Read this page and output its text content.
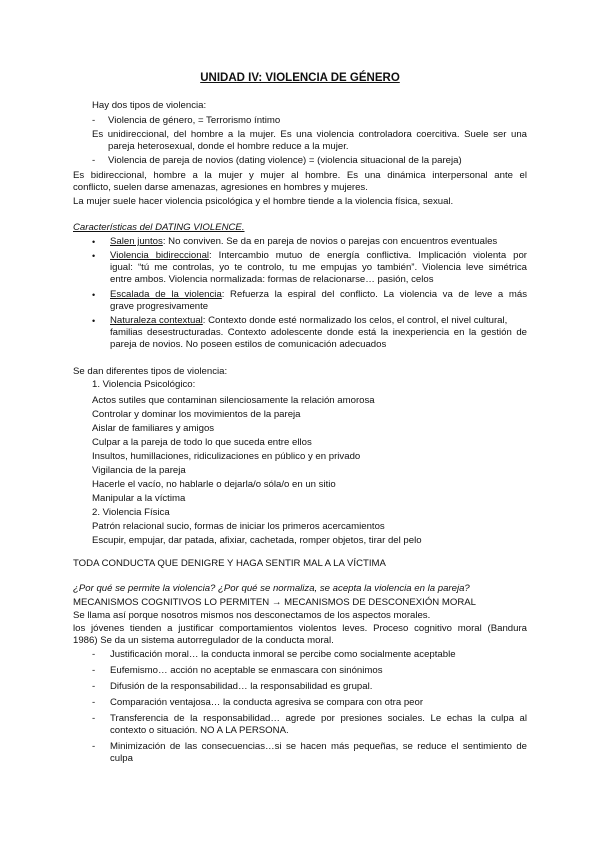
UNIDAD IV: VIOLENCIA DE GÉNERO
Hay dos tipos de violencia:
- Violencia de género, = Terrorismo íntimo
Es unidireccional, del hombre a la mujer. Es una violencia controladora coercitiva. Suele ser una
pareja heterosexual, donde el hombre reduce a la mujer.
- Violencia de pareja de novios (dating violence) = (violencia situacional de la pareja)
Es bidireccional, hombre a la mujer y mujer al hombre. Es una dinámica interpersonal ante el
conflicto, suelen darse amenazas, agresiones en hombres y mujeres.
La mujer suele hacer violencia psicológica y el hombre tiende a la violencia física, sexual.
Características del DATING VIOLENCE.
• Salen juntos: No conviven. Se da en pareja de novios o parejas con encuentros eventuales
• Violencia bidireccional: Intercambio mutuo de energía conflictiva. Implicación violenta por
igual: “tú me controlas, yo te controlo, tu me empujas yo también”. Violencia leve simétrica
entre ambos. Violencia normalizada: formas de relacionarse… pasión, celos
• Escalada de la violencia: Refuerza la espiral del conflicto. La violencia va de leve a más
grave progresivamente
• Naturaleza contextual: Contexto donde esté normalizado los celos, el control, el nivel cultural,
familias desestructuradas. Contexto adolescente donde está la inexperiencia en la gestión de
pareja de novios. No poseen estilos de comunicación adecuados
Se dan diferentes tipos de violencia:
1. Violencia Psicológico:
Actos sutiles que contaminan silenciosamente la relación amorosa
Controlar y dominar los movimientos de la pareja
Aislar de familiares y amigos
Culpar a la pareja de todo lo que suceda entre ellos
Insultos, humillaciones, ridiculizaciones en público y en privado
Vigilancia de la pareja
Hacerle el vacío, no hablarle o dejarla/o sóla/o en un sitio
Manipular a la víctima
2. Violencia Física
Patrón relacional sucio, formas de iniciar los primeros acercamientos
Escupir, empujar, dar patada, afixiar, cachetada, romper objetos, tirar del pelo
TODA CONDUCTA QUE DENIGRE Y HAGA SENTIR MAL A LA VÍCTIMA
¿Por qué se permite la violencia? ¿Por qué se normaliza, se acepta la violencia en la pareja?
MECANISMOS COGNITIVOS LO PERMITEN → MECANISMOS DE DESCONEXIÓN MORAL
Se llama así porque nosotros mismos nos desconectamos de los aspectos morales.
los jóvenes tienden a justificar comportamientos violentos leves. Proceso cognitivo moral (Bandura
1986) Se da un sistema autorregulador de la conducta moral.
- Justificación moral… la conducta inmoral se percibe como socialmente aceptable
- Eufemismo… acción no aceptable se enmascara con sinónimos
- Difusión de la responsabilidad… la responsabilidad es grupal.
- Comparación ventajosa… la conducta agresiva se compara con otra peor
- Transferencia de la responsabilidad… agrede por presiones sociales. Le echas la culpa al
contexto o situación. NO A LA PERSONA.
- Minimización de las consecuencias…si se hacen más pequeñas, se reduce el sentimiento de
culpa
